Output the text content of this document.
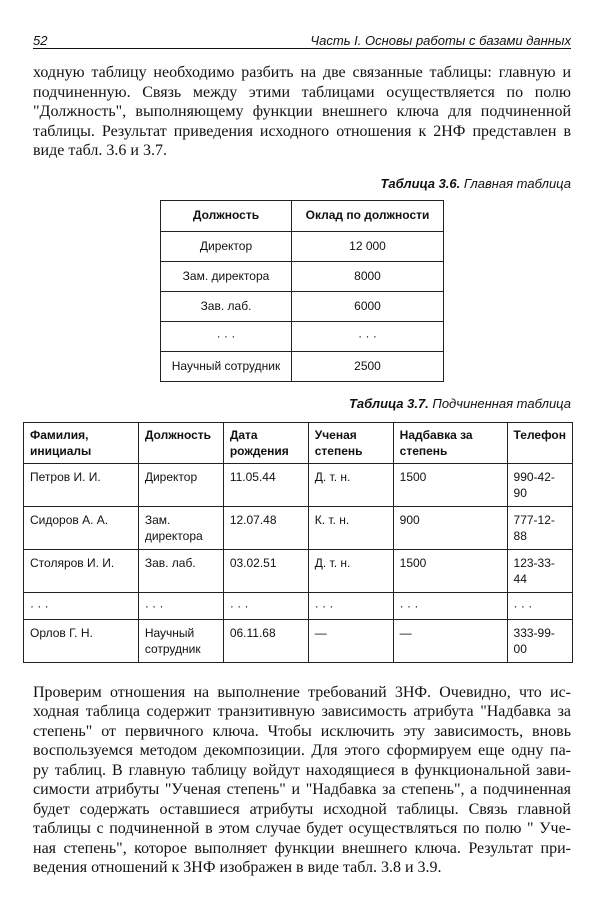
52	Часть I. Основы работы с базами данных
ходную таблицу необходимо разбить на две связанные таблицы: главную и
подчиненную. Связь между этими таблицами осуществляется по полю
"Должность", выполняющему функции внешнего ключа для подчиненной
таблицы. Результат приведения исходного отношения к 2НФ представлен в
виде табл. 3.6 и 3.7.
Таблица 3.6. Главная таблица
Должность	Оклад по должности
Директор	12 000
Зам. директора	8000
Зав. лаб.	6000
· · ·	· · ·
Научный сотрудник	2500
Таблица 3.7. Подчиненная таблица
Фамилия, инициалы	Должность	Дата рождения	Ученая степень	Надбавка за степень	Телефон
Петров И. И.	Директор	11.05.44	Д. т. н.	1500	990-42-90
Сидоров А. А.	Зам. директора	12.07.48	К. т. н.	900	777-12-88
Столяров И. И.	Зав. лаб.	03.02.51	Д. т. н.	1500	123-33-44
· · ·	· · ·	· · ·	· · ·	· · ·	· · ·
Орлов Г. Н.	Научный сотрудник	06.11.68	—	—	333-99-00
Проверим отношения на выполнение требований 3НФ. Очевидно, что ис-
ходная таблица содержит транзитивную зависимость атрибута "Надбавка за
степень" от первичного ключа. Чтобы исключить эту зависимость, вновь
воспользуемся методом декомпозиции. Для этого сформируем еще одну па-
ру таблиц. В главную таблицу войдут находящиеся в функциональной зави-
симости атрибуты "Ученая степень" и "Надбавка за степень", а подчиненная
будет содержать оставшиеся атрибуты исходной таблицы. Связь главной
таблицы с подчиненной в этом случае будет осуществляться по полю " Уче-
ная степень", которое выполняет функции внешнего ключа. Результат при-
ведения отношений к 3НФ изображен в виде табл. 3.8 и 3.9.
